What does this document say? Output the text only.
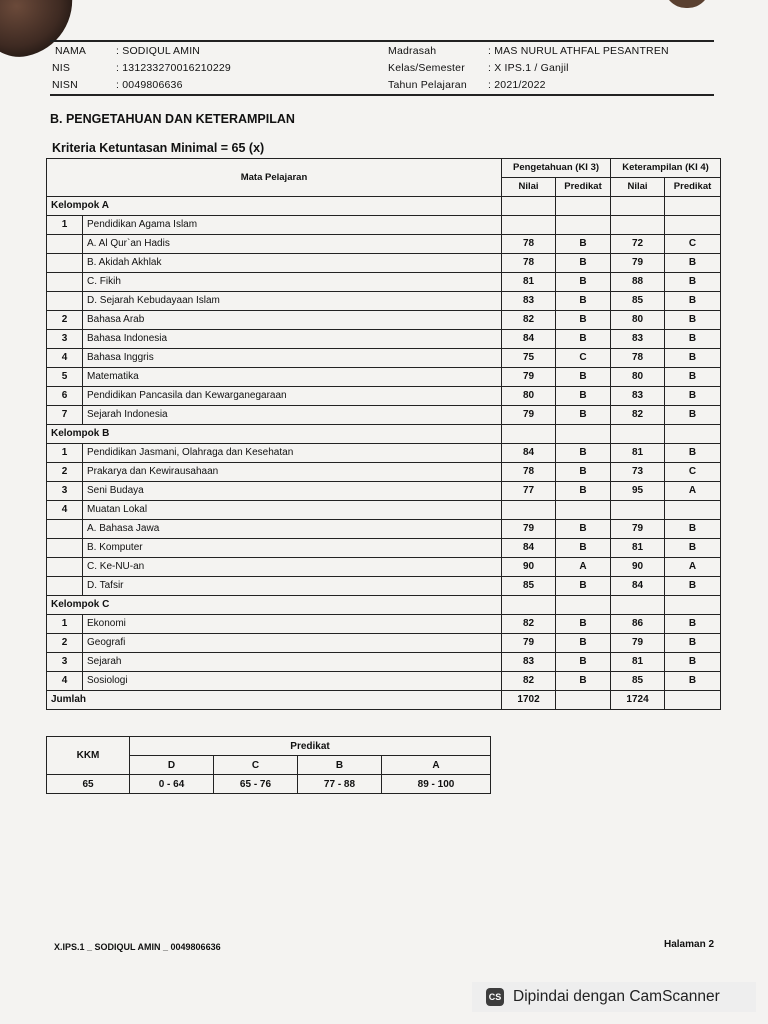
NAMA	: SODIQUL AMIN
NIS	: 131233270016210229
NISN	: 0049806636
Madrasah	: MAS NURUL ATHFAL PESANTREN
Kelas/Semester : X IPS.1 / Ganjil
Tahun Pelajaran : 2021/2022
B. PENGETAHUAN DAN KETERAMPILAN
Kriteria Ketuntasan Minimal = 65 (x)
Mata Pelajaran		Pengetahuan (KI 3)		Keterampilan (KI 4)	
		Nilai	Predikat	Nilai	Predikat
Kelompok A					
1	Pendidikan Agama Islam				
	A. Al Qur`an Hadis	78	B	72	C
	B. Akidah Akhlak	78	B	79	B
	C. Fikih	81	B	88	B
	D. Sejarah Kebudayaan Islam	83	B	85	B
2	Bahasa Arab	82	B	80	B
3	Bahasa Indonesia	84	B	83	B
4	Bahasa Inggris	75	C	78	B
5	Matematika	79	B	80	B
6	Pendidikan Pancasila dan Kewarganegaraan	80	B	83	B
7	Sejarah Indonesia	79	B	82	B
Kelompok B					
1	Pendidikan Jasmani, Olahraga dan Kesehatan	84	B	81	B
2	Prakarya dan Kewirausahaan	78	B	73	C
3	Seni Budaya	77	B	95	A
4	Muatan Lokal				
	A. Bahasa Jawa	79	B	79	B
	B. Komputer	84	B	81	B
	C. Ke-NU-an	90	A	90	A
	D. Tafsir	85	B	84	B
Kelompok C					
1	Ekonomi	82	B	86	B
2	Geografi	79	B	79	B
3	Sejarah	83	B	81	B
4	Sosiologi	82	B	85	B
Jumlah		1702		1724	
KKM	Predikat			
	D	C	B	A
65	0 - 64	65 - 76	77 - 88	89 - 100
X.IPS.1 _ SODIQUL AMIN _ 0049806636	Halaman 2
CS Dipindai dengan CamScanner
